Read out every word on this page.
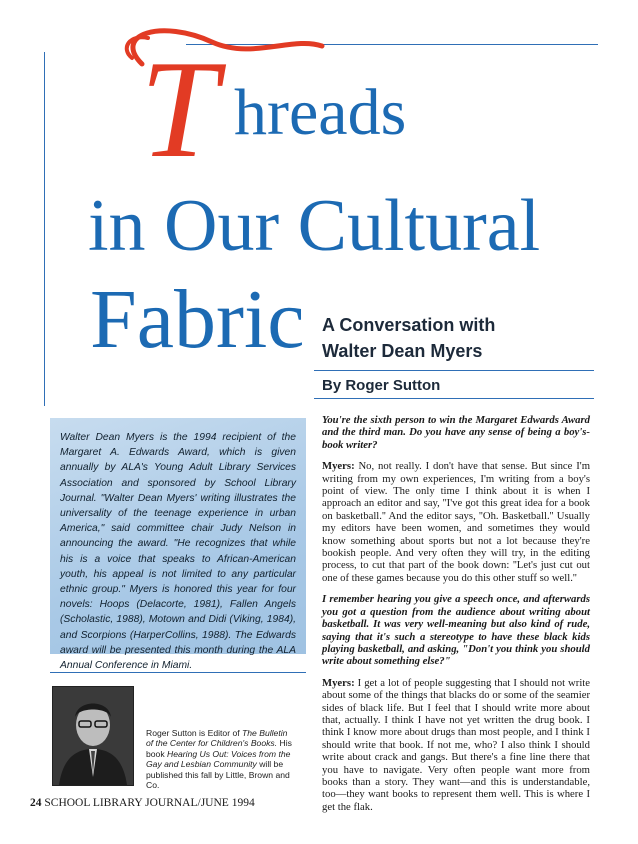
T hreads
in Our Cultural
Fabric A Conversation with
Walter Dean Myers
By Roger Sutton

Walter Dean Myers is the 1994 recipient of the Margaret A. Edwards Award, which is given annually by ALA's Young Adult Library Services Association and sponsored by School Library Journal. "Walter Dean Myers' writing illustrates the universality of the teenage experience in urban America," said committee chair Judy Nelson in announcing the award. "He recognizes that while his is a voice that speaks to African-American youth, his appeal is not limited to any particular ethnic group." Myers is honored this year for four novels: Hoops (Delacorte, 1981), Fallen Angels (Scholastic, 1988), Motown and Didi (Viking, 1984), and Scorpions (HarperCollins, 1988). The Edwards award will be presented this month during the ALA Annual Conference in Miami.

Roger Sutton is Editor of The Bulletin of the Center for Children's Books. His book Hearing Us Out: Voices from the Gay and Lesbian Community will be published this fall by Little, Brown and Co.
24 SCHOOL LIBRARY JOURNAL/JUNE 1994

You're the sixth person to win the Margaret Edwards Award and the third man. Do you have any sense of being a boy's-book writer?

Myers: No, not really. I don't have that sense. But since I'm writing from my own experiences, I'm writing from a boy's point of view. The only time I think about it is when I approach an editor and say, ''I've got this great idea for a book on basketball.'' And the editor says, ''Oh. Basketball.'' Usually my editors have been women, and sometimes they would know something about sports but not a lot because they're bookish people. And very often they will try, in the editing process, to cut that part of the book down: ''Let's just cut out one of these games because you do this other stuff so well.''

I remember hearing you give a speech once, and afterwards you got a question from the audience about writing about basketball. It was very well-meaning but also kind of rude, saying that it's such a stereotype to have these black kids playing basketball, and asking, "Don't you think you should write about something else?"

Myers: I get a lot of people suggesting that I should not write about some of the things that blacks do or some of the seamier sides of black life. But I feel that I should write more about that, actually. I think I have not yet written the drug book. I think I know more about drugs than most people, and I think I should write that book. If not me, who? I also think I should write about crack and gangs. But there's a fine line there that you have to navigate. Very often people want more from books than a story. They want—and this is understandable, too—they want books to represent them well. This is where I get the flak.
